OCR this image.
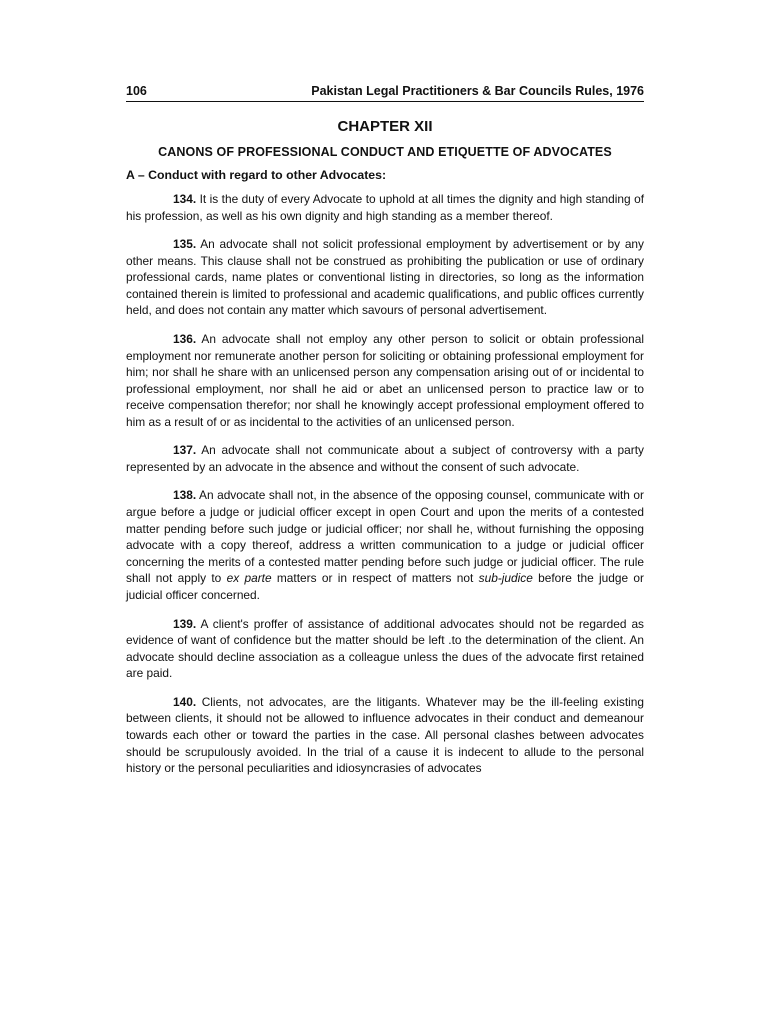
106	Pakistan Legal Practitioners & Bar Councils Rules, 1976
CHAPTER XII
CANONS OF PROFESSIONAL CONDUCT AND ETIQUETTE OF ADVOCATES
A – Conduct with regard to other Advocates:

134. It is the duty of every Advocate to uphold at all times the dignity and high standing of his profession, as well as his own dignity and high standing as a member thereof.

135. An advocate shall not solicit professional employment by advertisement or by any other means. This clause shall not be construed as prohibiting the publication or use of ordinary professional cards, name plates or conventional listing in directories, so long as the information contained therein is limited to professional and academic qualifications, and public offices currently held, and does not contain any matter which savours of personal advertisement.

136. An advocate shall not employ any other person to solicit or obtain professional employment nor remunerate another person for soliciting or obtaining professional employment for him; nor shall he share with an unlicensed person any compensation arising out of or incidental to professional employment, nor shall he aid or abet an unlicensed person to practice law or to receive compensation therefor; nor shall he knowingly accept professional employment offered to him as a result of or as incidental to the activities of an unlicensed person.

137. An advocate shall not communicate about a subject of controversy with a party represented by an advocate in the absence and without the consent of such advocate.

138. An advocate shall not, in the absence of the opposing counsel, communicate with or argue before a judge or judicial officer except in open Court and upon the merits of a contested matter pending before such judge or judicial officer; nor shall he, without furnishing the opposing advocate with a copy thereof, address a written communication to a judge or judicial officer concerning the merits of a contested matter pending before such judge or judicial officer. The rule shall not apply to ex parte matters or in respect of matters not sub-judice before the judge or judicial officer concerned.

139. A client's proffer of assistance of additional advocates should not be regarded as evidence of want of confidence but the matter should be left .to the determination of the client. An advocate should decline association as a colleague unless the dues of the advocate first retained are paid.

140. Clients, not advocates, are the litigants. Whatever may be the ill-feeling existing between clients, it should not be allowed to influence advocates in their conduct and demeanour towards each other or toward the parties in the case. All personal clashes between advocates should be scrupulously avoided. In the trial of a cause it is indecent to allude to the personal history or the personal peculiarities and idiosyncrasies of advocates
